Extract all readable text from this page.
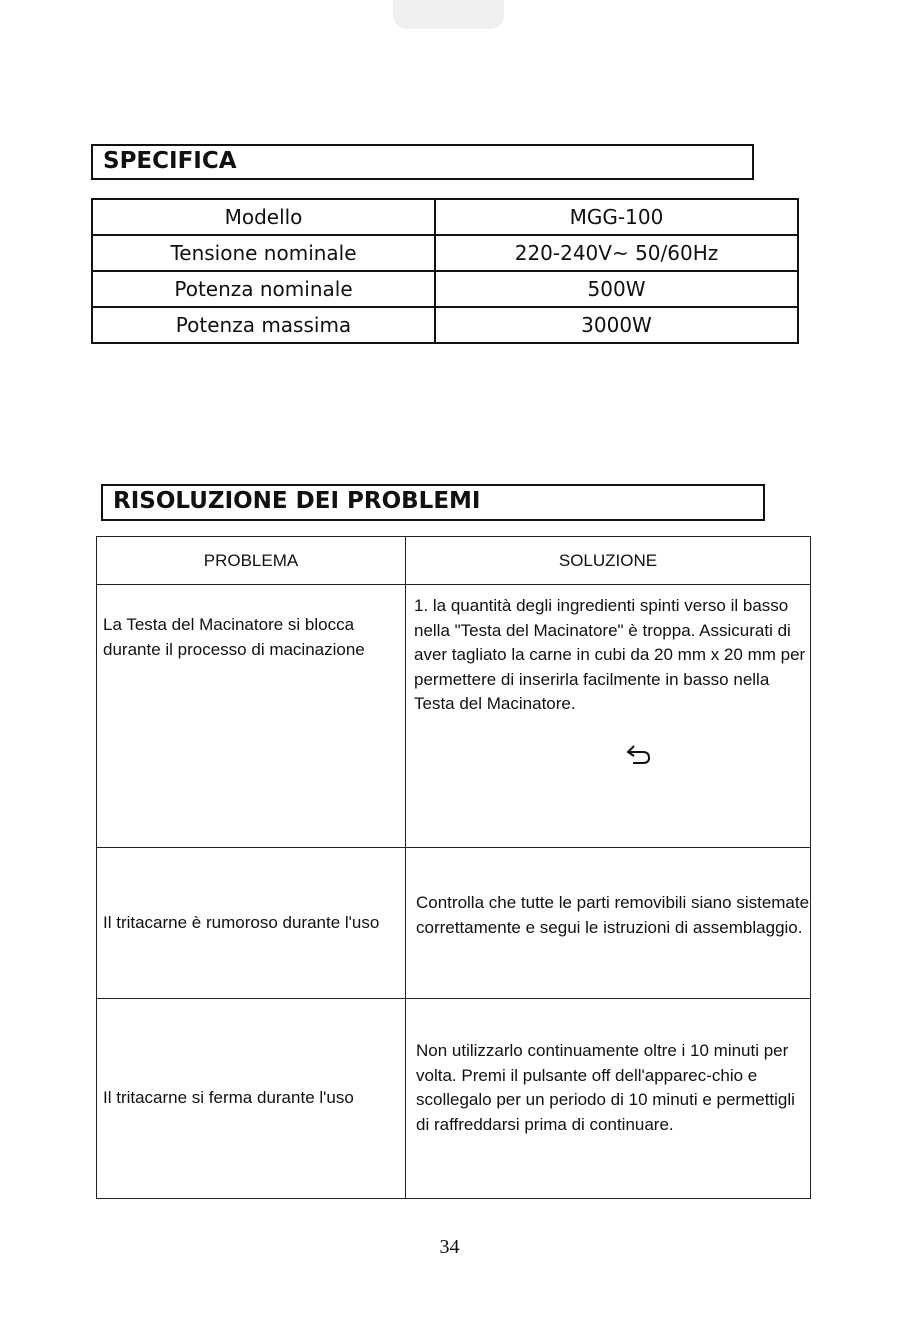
SPECIFICA
Modello	MGG-100
Tensione nominale	220-240V~ 50/60Hz
Potenza nominale	500W
Potenza massima	3000W
RISOLUZIONE DEI PROBLEMI
PROBLEMA	SOLUZIONE

La Testa del Macinatore si blocca durante il processo di macinazione	1. la quantità degli ingredienti spinti verso il basso nella "Testa del Macinatore" è troppa. Assicurati di aver tagliato la carne in cubi da 20 mm x 20 mm per permettere di inserirla facilmente in basso nella Testa del Macinatore.

Il tritacarne è rumoroso durante l'uso	Controlla che tutte le parti removibili siano sistemate correttamente e segui le istruzioni di assemblaggio.

Il tritacarne si ferma durante l'uso	Non utilizzarlo continuamente oltre i 10 minuti per volta. Premi il pulsante off dell'apparec-chio e scollegalo per un periodo di 10 minuti e permettigli di raffreddarsi prima di continuare.
34
